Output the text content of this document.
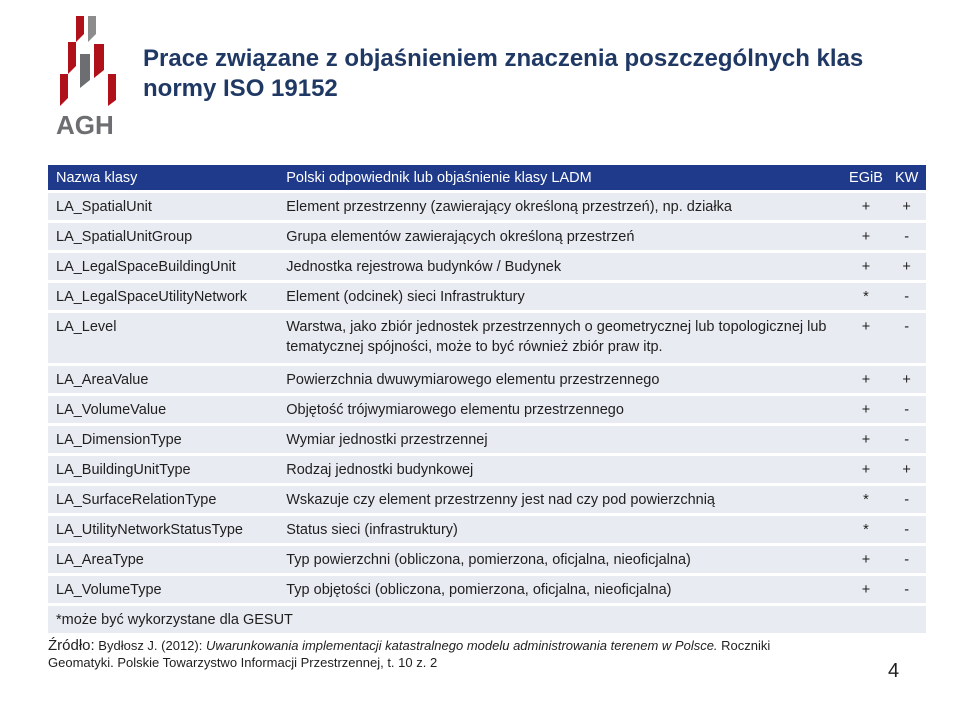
AGH
Prace związane z objaśnieniem znaczenia poszczególnych klas normy ISO 19152
Nazwa klasy	Polski odpowiednik lub objaśnienie klasy LADM	EGiB	KW
LA_SpatialUnit	Element przestrzenny (zawierający określoną przestrzeń), np. działka	+	+
LA_SpatialUnitGroup	Grupa elementów zawierających określoną przestrzeń	+	-
LA_LegalSpaceBuildingUnit	Jednostka rejestrowa budynków / Budynek	+	+
LA_LegalSpaceUtilityNetwork	Element (odcinek) sieci Infrastruktury	*	-
LA_Level	Warstwa, jako zbiór jednostek przestrzennych o geometrycznej lub topologicznej lub tematycznej spójności, może to być również zbiór praw itp.	+	-
LA_AreaValue	Powierzchnia dwuwymiarowego elementu przestrzennego	+	+
LA_VolumeValue	Objętość trójwymiarowego elementu przestrzennego	+	-
LA_DimensionType	Wymiar jednostki przestrzennej	+	-
LA_BuildingUnitType	Rodzaj jednostki budynkowej	+	+
LA_SurfaceRelationType	Wskazuje czy element przestrzenny jest nad czy pod powierzchnią	*	-
LA_UtilityNetworkStatusType	Status sieci (infrastruktury)	*	-
LA_AreaType	Typ powierzchni (obliczona, pomierzona, oficjalna, nieoficjalna)	+	-
LA_VolumeType	Typ objętości (obliczona, pomierzona, oficjalna, nieoficjalna)	+	-
*może być wykorzystane dla GESUT			
Źródło: Bydłosz J. (2012): Uwarunkowania implementacji katastralnego modelu administrowania terenem w Polsce. Roczniki Geomatyki. Polskie Towarzystwo Informacji Przestrzennej, t. 10 z. 2	4
